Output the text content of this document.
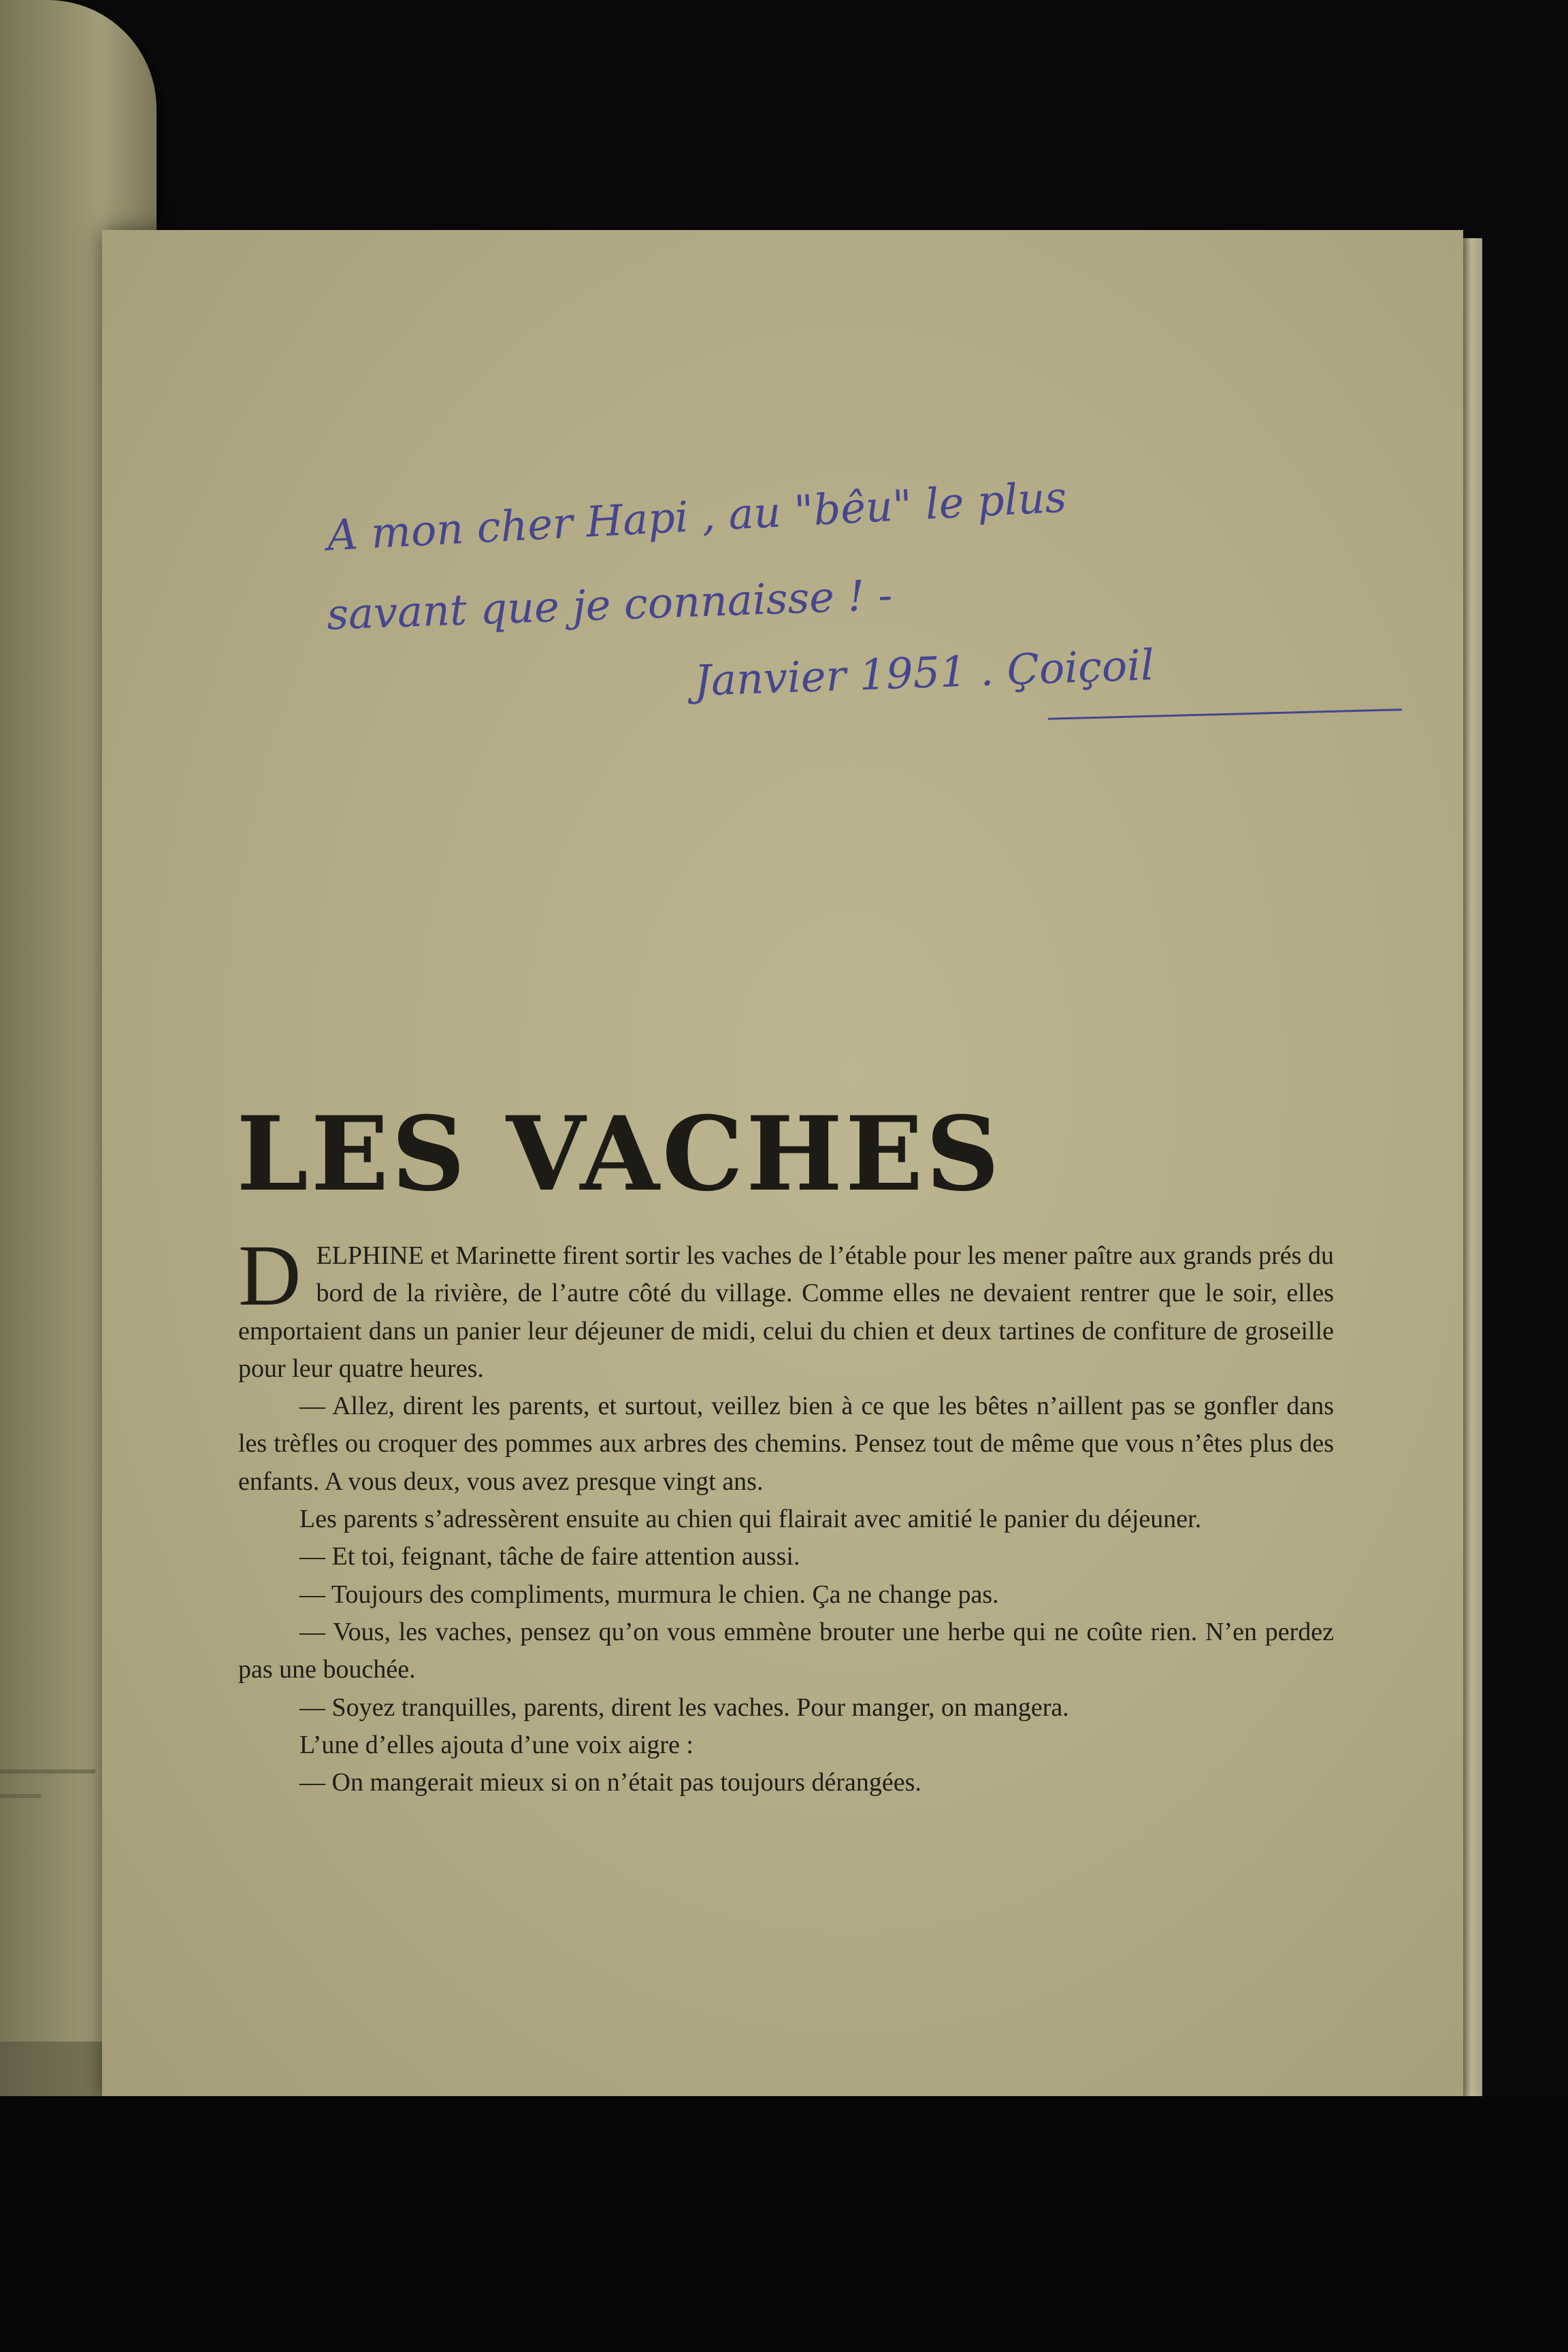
A mon cher Hapi , au "bêu" le plus
savant que je connaisse ! -
Janvier 1951 . Çoiçoil
LES VACHES

DELPHINE et Marinette firent sortir les vaches de l’étable pour les mener paître aux grands prés du bord de la rivière, de l’autre côté du village. Comme elles ne devaient rentrer que le soir, elles emportaient dans un panier leur déjeuner de midi, celui du chien et deux tartines de confiture de groseille pour leur quatre heures.

— Allez, dirent les parents, et surtout, veillez bien à ce que les bêtes n’aillent pas se gonfler dans les trèfles ou croquer des pommes aux arbres des chemins. Pensez tout de même que vous n’êtes plus des enfants. A vous deux, vous avez presque vingt ans.

Les parents s’adressèrent ensuite au chien qui flairait avec amitié le panier du déjeuner.

— Et toi, feignant, tâche de faire attention aussi.

— Toujours des compliments, murmura le chien. Ça ne change pas.

— Vous, les vaches, pensez qu’on vous emmène brouter une herbe qui ne coûte rien. N’en perdez pas une bouchée.

— Soyez tranquilles, parents, dirent les vaches. Pour manger, on mangera.

L’une d’elles ajouta d’une voix aigre :

— On mangerait mieux si on n’était pas toujours dérangées.
